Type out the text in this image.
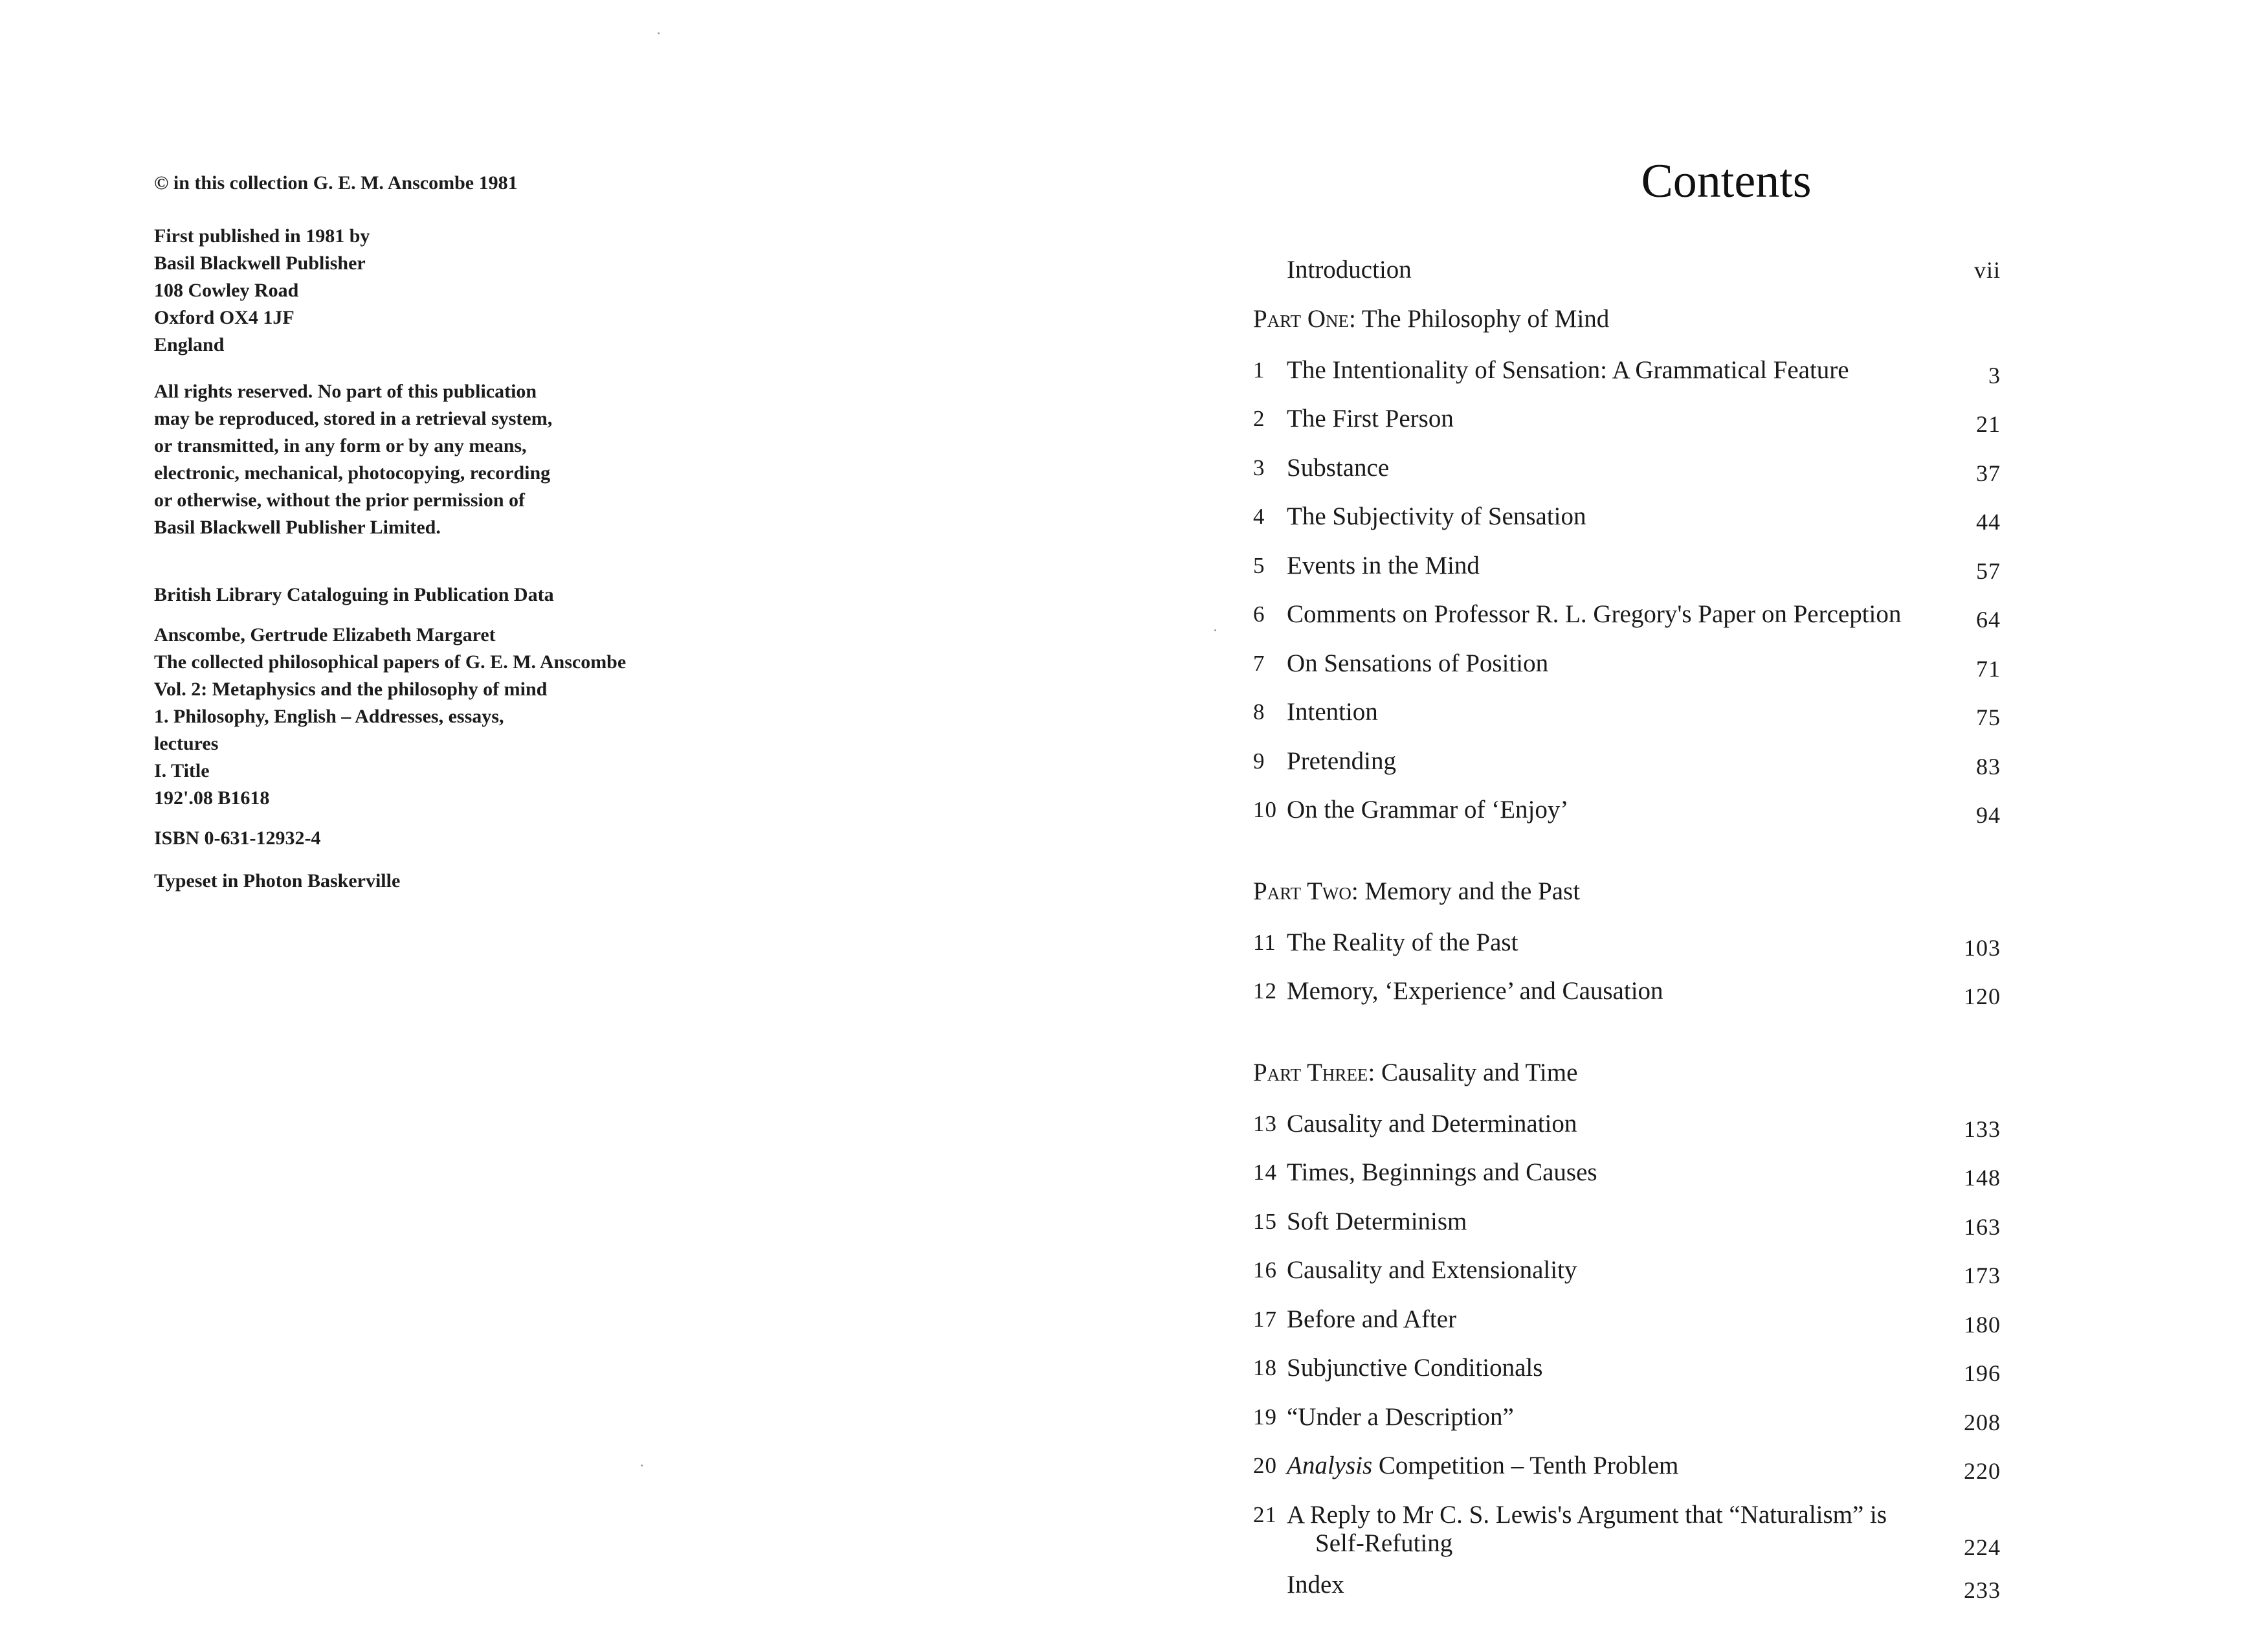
© in this collection G. E. M. Anscombe 1981
First published in 1981 by
Basil Blackwell Publisher
108 Cowley Road
Oxford OX4 1JF
England
All rights reserved. No part of this publication
may be reproduced, stored in a retrieval system,
or transmitted, in any form or by any means,
electronic, mechanical, photocopying, recording
or otherwise, without the prior permission of
Basil Blackwell Publisher Limited.
British Library Cataloguing in Publication Data
Anscombe, Gertrude Elizabeth Margaret
The collected philosophical papers of G. E. M. Anscombe
Vol. 2: Metaphysics and the philosophy of mind
1. Philosophy, English – Addresses, essays,
lectures
I. Title
192'.08 B1618
ISBN 0-631-12932-4
Typeset in Photon Baskerville
Contents
Introduction	vii
Part One: The Philosophy of Mind
1 The Intentionality of Sensation: A Grammatical Feature	3
2 The First Person	21
3 Substance	37
4 The Subjectivity of Sensation	44
5 Events in the Mind	57
6 Comments on Professor R. L. Gregory's Paper on Perception	64
7 On Sensations of Position	71
8 Intention	75
9 Pretending	83
10 On the Grammar of ‘Enjoy’	94
Part Two: Memory and the Past
11 The Reality of the Past	103
12 Memory, ‘Experience’ and Causation	120
Part Three: Causality and Time
13 Causality and Determination	133
14 Times, Beginnings and Causes	148
15 Soft Determinism	163
16 Causality and Extensionality	173
17 Before and After	180
18 Subjunctive Conditionals	196
19 “Under a Description”	208
20 Analysis Competition – Tenth Problem	220
21 A Reply to Mr C. S. Lewis's Argument that “Naturalism” is
Self-Refuting	224
Index	233
